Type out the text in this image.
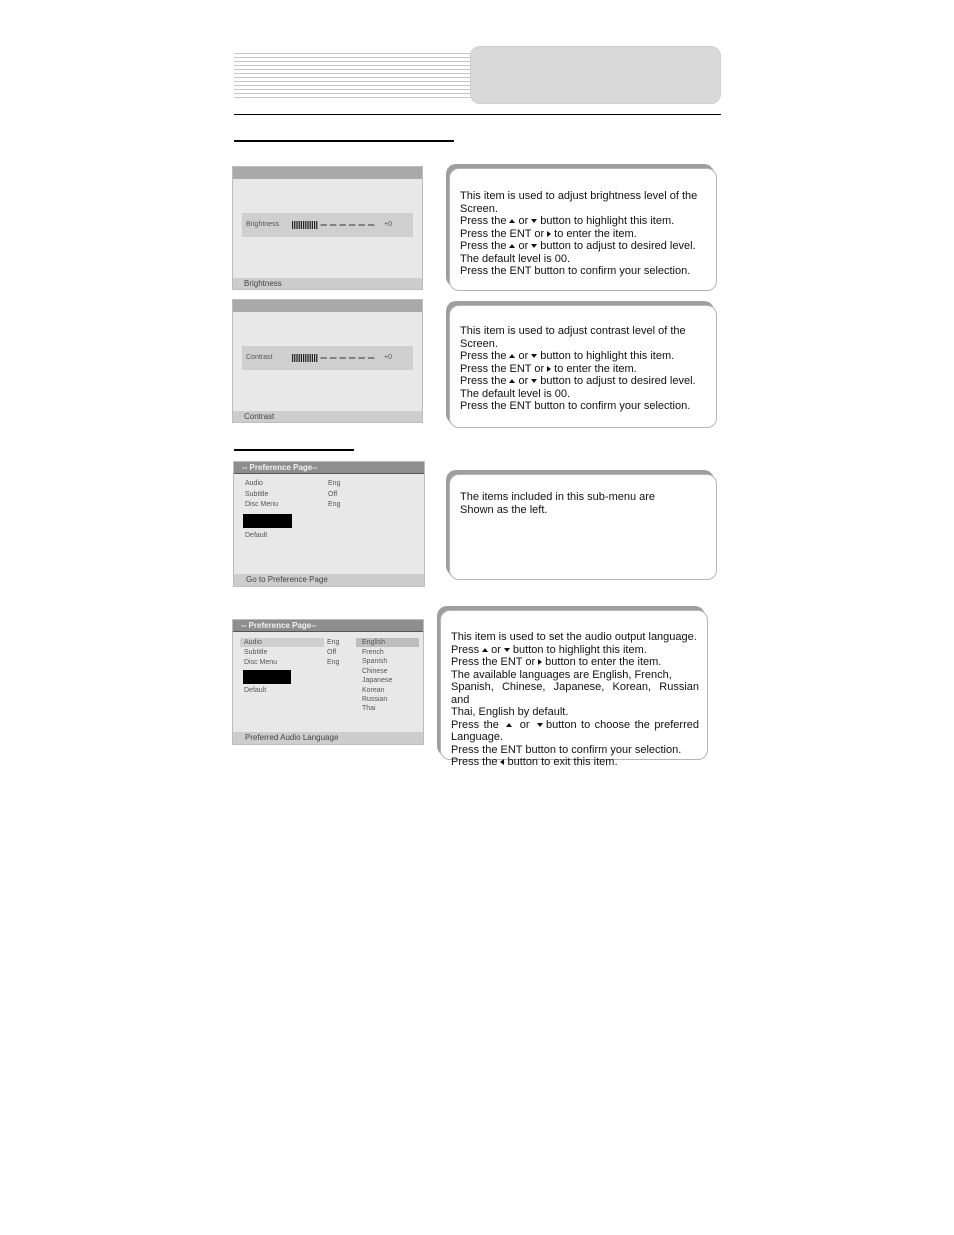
Brightness	+0
Brightness

This item is used to adjust brightness level of the

Screen.

Press the or button to highlight this item.

Press the ENT or to enter the item.

Press the or button to adjust to desired level.

The default level is 00.

Press the ENT button to confirm your selection.

Contrast	+0
Contrast

This item is used to adjust contrast level of the

Screen.

Press the or button to highlight this item.

Press the ENT or to enter the item.

Press the or button to adjust to desired level.

The default level is 00.

Press the ENT button to confirm your selection.

-- Preference Page--
Audio	Eng
Subtitle	Off
Disc Menu	Eng
Default
Go to Preference Page

The items included in this sub-menu are

Shown as the left.

-- Preference Page--
Audio	Eng
Subtitle	Off
Disc Menu	Eng
Default
English
French
Spanish
Chinese
Japanese
Korean
Russian
Thai
Preferred Audio Language

This item is used to set the audio output language.

Press or button to highlight this item.

Press the ENT or button to enter the item.

The available languages are English, French,

Spanish, Chinese, Japanese, Korean, Russian and

Thai, English by default.

Press the or button to choose the preferred

Language.

Press the ENT button to confirm your selection.

Press the button to exit this item.
